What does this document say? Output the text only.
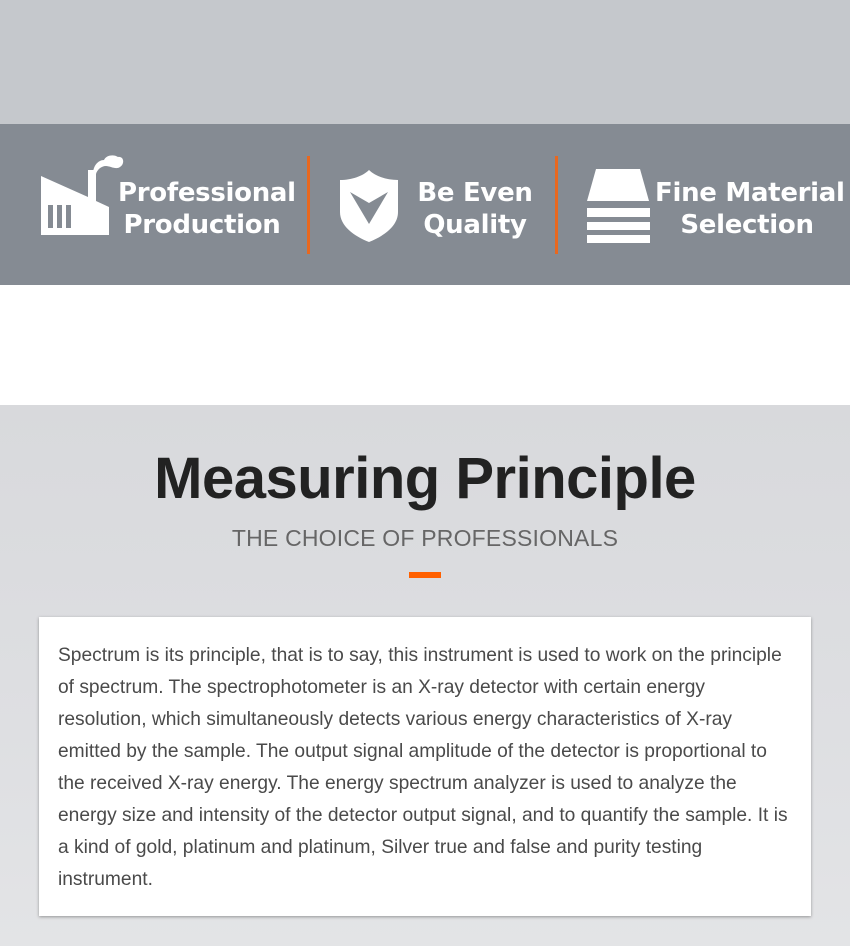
Professional
Production
Be Even
Quality
Fine Material
Selection
Measuring Principle
THE CHOICE OF PROFESSIONALS

Spectrum is its principle, that is to say, this instrument is used to work on the principle of spectrum. The spectrophotometer is an X-ray detector with certain energy resolution, which simultaneously detects various energy characteristics of X-ray emitted by the sample. The output signal amplitude of the detector is proportional to the received X-ray energy. The energy spectrum analyzer is used to analyze the energy size and intensity of the detector output signal, and to quantify the sample. It is a kind of gold, platinum and platinum, Silver true and false and purity testing instrument.
